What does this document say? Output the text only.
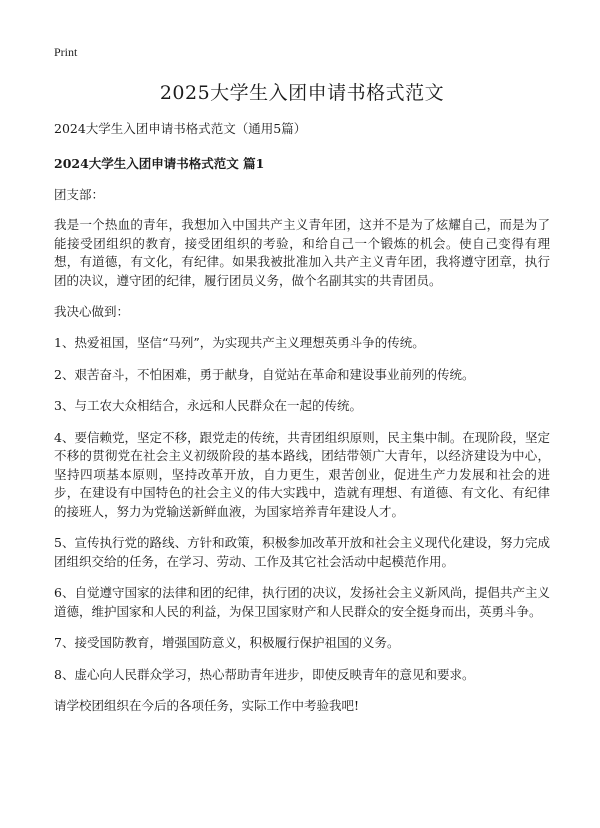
Print
2025大学生入团申请书格式范文
2024大学生入团申请书格式范文（通用5篇）
2024大学生入团申请书格式范文 篇1
团支部：

我是一个热血的青年，我想加入中国共产主义青年团，这并不是为了炫耀自己，而是为了能接受团组织的教育，接受团组织的考验，和给自己一个锻炼的机会。使自己变得有理想，有道德，有文化，有纪律。如果我被批准加入共产主义青年团，我将遵守团章，执行团的决议，遵守团的纪律，履行团员义务，做个名副其实的共青团员。

我决心做到：

1、热爱祖国，坚信“马列”，为实现共产主义理想英勇斗争的传统。

2、艰苦奋斗，不怕困难，勇于献身，自觉站在革命和建设事业前列的传统。

3、与工农大众相结合，永远和人民群众在一起的传统。

4、要信赖党，坚定不移，跟党走的传统，共青团组织原则，民主集中制。在现阶段，坚定不移的贯彻党在社会主义初级阶段的基本路线，团结带领广大青年，以经济建设为中心，坚持四项基本原则，坚持改革开放，自力更生，艰苦创业，促进生产力发展和社会的进步，在建设有中国特色的社会主义的伟大实践中，造就有理想、有道德、有文化、有纪律的接班人，努力为党输送新鲜血液，为国家培养青年建设人才。

5、宣传执行党的路线、方针和政策，积极参加改革开放和社会主义现代化建设，努力完成团组织交给的任务，在学习、劳动、工作及其它社会活动中起模范作用。

6、自觉遵守国家的法律和团的纪律，执行团的决议，发扬社会主义新风尚，提倡共产主义道德，维护国家和人民的利益，为保卫国家财产和人民群众的安全挺身而出，英勇斗争。

7、接受国防教育，增强国防意义，积极履行保护祖国的义务。

8、虚心向人民群众学习，热心帮助青年进步，即使反映青年的意见和要求。

请学校团组织在今后的各项任务，实际工作中考验我吧!
